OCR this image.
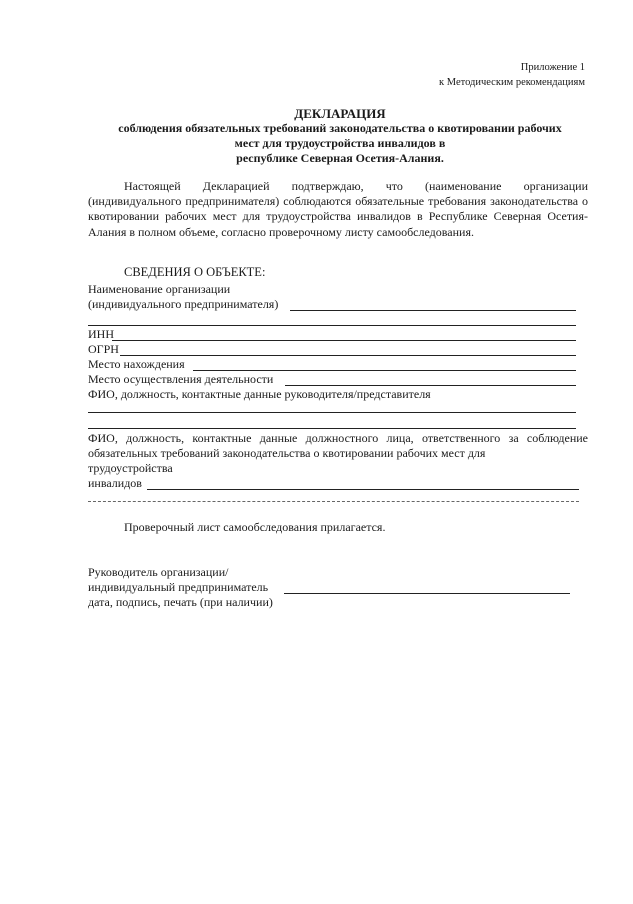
Приложение 1
к Методическим рекомендациям
ДЕКЛАРАЦИЯ
соблюдения обязательных требований законодательства о квотировании рабочих
мест для трудоустройства инвалидов в
республике Северная Осетия-Алания.

Настоящей Декларацией подтверждаю, что (наименование организации (индивидуального предпринимателя) соблюдаются обязательные требования законодательства о квотировании рабочих мест для трудоустройства инвалидов в Республике Северная Осетия-Алания в полном объеме, согласно проверочному листу самообследования.

СВЕДЕНИЯ О ОБЪЕКТЕ:
Наименование организации
(индивидуального предпринимателя)
ИНН
ОГРН
Место нахождения
Место осуществления деятельности
ФИО, должность, контактные данные руководителя/представителя
ФИО, должность, контактные данные должностного лица, ответственного за соблюдение обязательных требований законодательства о квотировании рабочих мест для
трудоустройства
инвалидов
Проверочный лист самообследования прилагается.
Руководитель организации/
индивидуальный предприниматель
дата, подпись, печать (при наличии)
